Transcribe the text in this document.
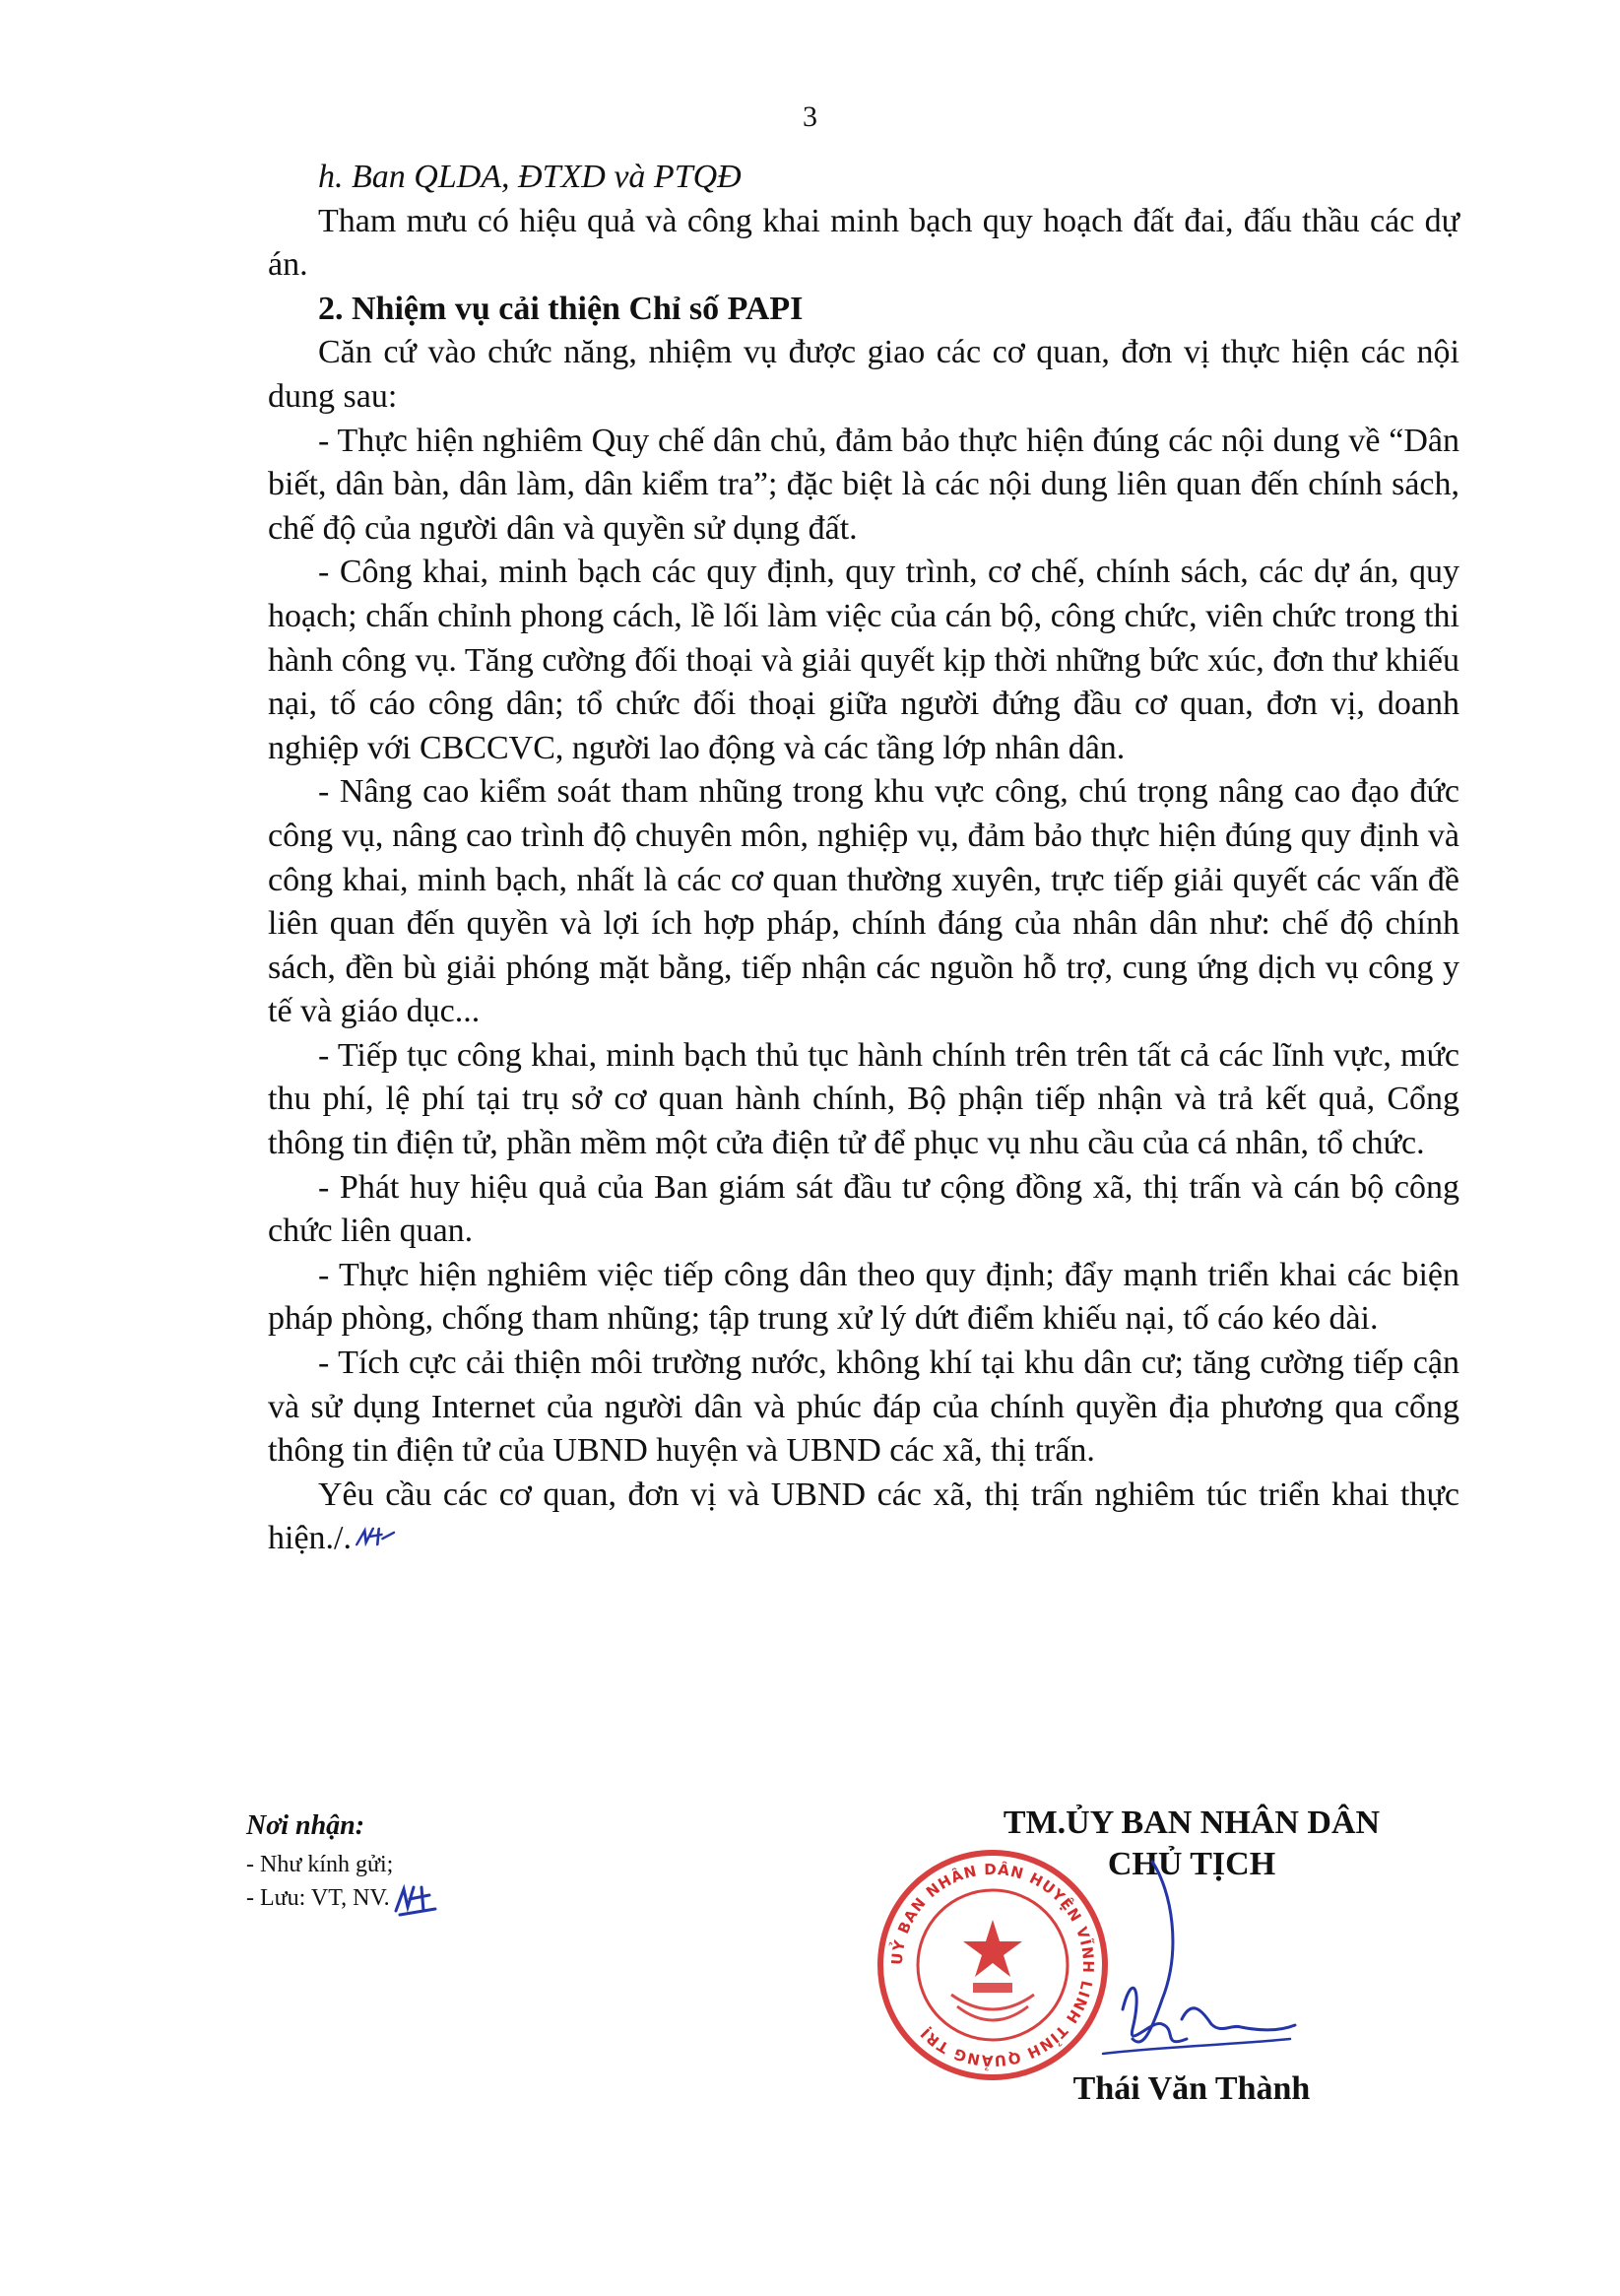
3

h. Ban QLDA, ĐTXD và PTQĐ

Tham mưu có hiệu quả và công khai minh bạch quy hoạch đất đai, đấu thầu các dự án.

2. Nhiệm vụ cải thiện Chỉ số PAPI

Căn cứ vào chức năng, nhiệm vụ được giao các cơ quan, đơn vị thực hiện các nội dung sau:

- Thực hiện nghiêm Quy chế dân chủ, đảm bảo thực hiện đúng các nội dung về “Dân biết, dân bàn, dân làm, dân kiểm tra”; đặc biệt là các nội dung liên quan đến chính sách, chế độ của người dân và quyền sử dụng đất.

- Công khai, minh bạch các quy định, quy trình, cơ chế, chính sách, các dự án, quy hoạch; chấn chỉnh phong cách, lề lối làm việc của cán bộ, công chức, viên chức trong thi hành công vụ. Tăng cường đối thoại và giải quyết kịp thời những bức xúc, đơn thư khiếu nại, tố cáo công dân; tổ chức đối thoại giữa người đứng đầu cơ quan, đơn vị, doanh nghiệp với CBCCVC, người lao động và các tầng lớp nhân dân.

- Nâng cao kiểm soát tham nhũng trong khu vực công, chú trọng nâng cao đạo đức công vụ, nâng cao trình độ chuyên môn, nghiệp vụ, đảm bảo thực hiện đúng quy định và công khai, minh bạch, nhất là các cơ quan thường xuyên, trực tiếp giải quyết các vấn đề liên quan đến quyền và lợi ích hợp pháp, chính đáng của nhân dân như: chế độ chính sách, đền bù giải phóng mặt bằng, tiếp nhận các nguồn hỗ trợ, cung ứng dịch vụ công y tế và giáo dục...

- Tiếp tục công khai, minh bạch thủ tục hành chính trên trên tất cả các lĩnh vực, mức thu phí, lệ phí tại trụ sở cơ quan hành chính, Bộ phận tiếp nhận và trả kết quả, Cổng thông tin điện tử, phần mềm một cửa điện tử để phục vụ nhu cầu của cá nhân, tổ chức.

- Phát huy hiệu quả của Ban giám sát đầu tư cộng đồng xã, thị trấn và cán bộ công chức liên quan.

- Thực hiện nghiêm việc tiếp công dân theo quy định; đẩy mạnh triển khai các biện pháp phòng, chống tham nhũng; tập trung xử lý dứt điểm khiếu nại, tố cáo kéo dài.

- Tích cực cải thiện môi trường nước, không khí tại khu dân cư; tăng cường tiếp cận và sử dụng Internet của người dân và phúc đáp của chính quyền địa phương qua cổng thông tin điện tử của UBND huyện và UBND các xã, thị trấn.

Yêu cầu các cơ quan, đơn vị và UBND các xã, thị trấn nghiêm túc triển khai thực hiện./.

Nơi nhận:

- Như kính gửi;

- Lưu: VT, NV.

TM.ỦY BAN NHÂN DÂN

CHỦ TỊCH

UỶ BAN NHÂN DÂN HUYỆN VĨNH LINH TỈNH QUẢNG TRỊ
Thái Văn Thành
